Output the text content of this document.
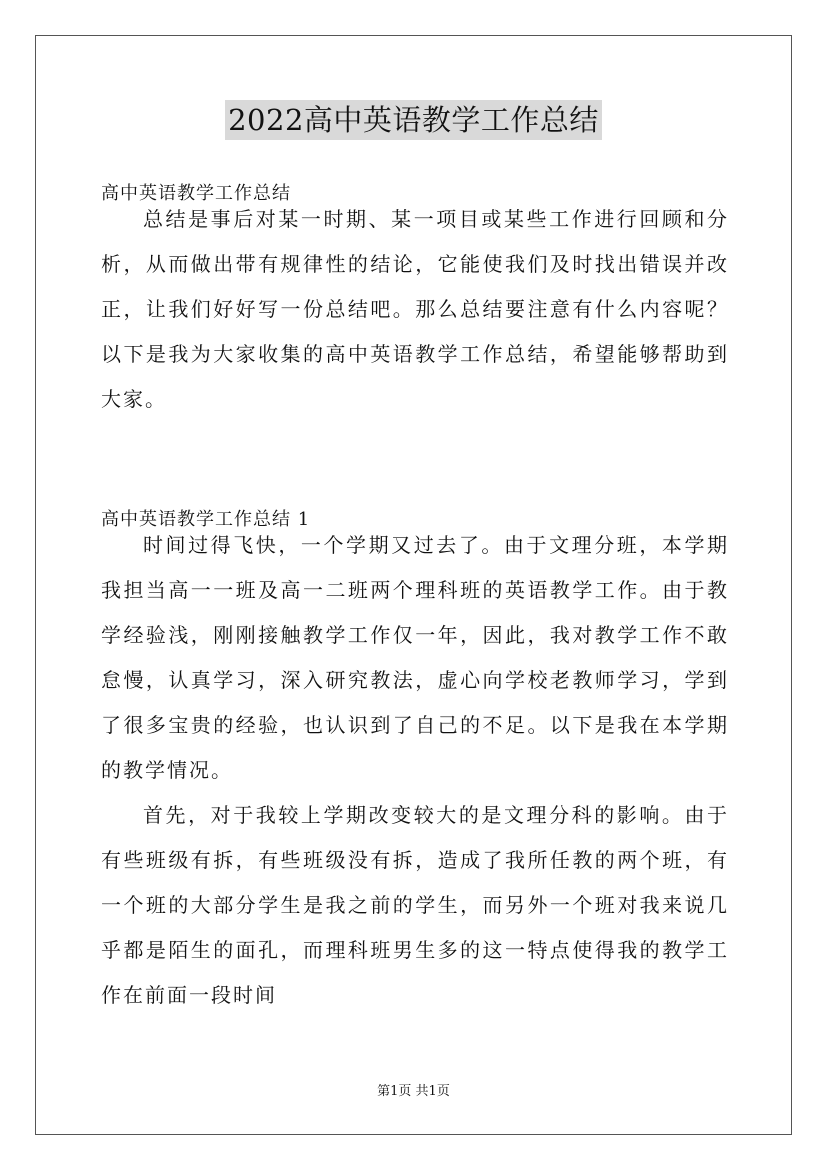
2022高中英语教学工作总结
高中英语教学工作总结

总结是事后对某一时期、某一项目或某些工作进行回顾和分析，从而做出带有规律性的结论，它能使我们及时找出错误并改正，让我们好好写一份总结吧。那么总结要注意有什么内容呢？以下是我为大家收集的高中英语教学工作总结，希望能够帮助到大家。

高中英语教学工作总结 1

时间过得飞快，一个学期又过去了。由于文理分班，本学期我担当高一一班及高一二班两个理科班的英语教学工作。由于教学经验浅，刚刚接触教学工作仅一年，因此，我对教学工作不敢怠慢，认真学习，深入研究教法，虚心向学校老教师学习，学到了很多宝贵的经验，也认识到了自己的不足。以下是我在本学期的教学情况。

首先，对于我较上学期改变较大的是文理分科的影响。由于有些班级有拆，有些班级没有拆，造成了我所任教的两个班，有一个班的大部分学生是我之前的学生，而另外一个班对我来说几乎都是陌生的面孔，而理科班男生多的这一特点使得我的教学工作在前面一段时间

第1页 共1页
